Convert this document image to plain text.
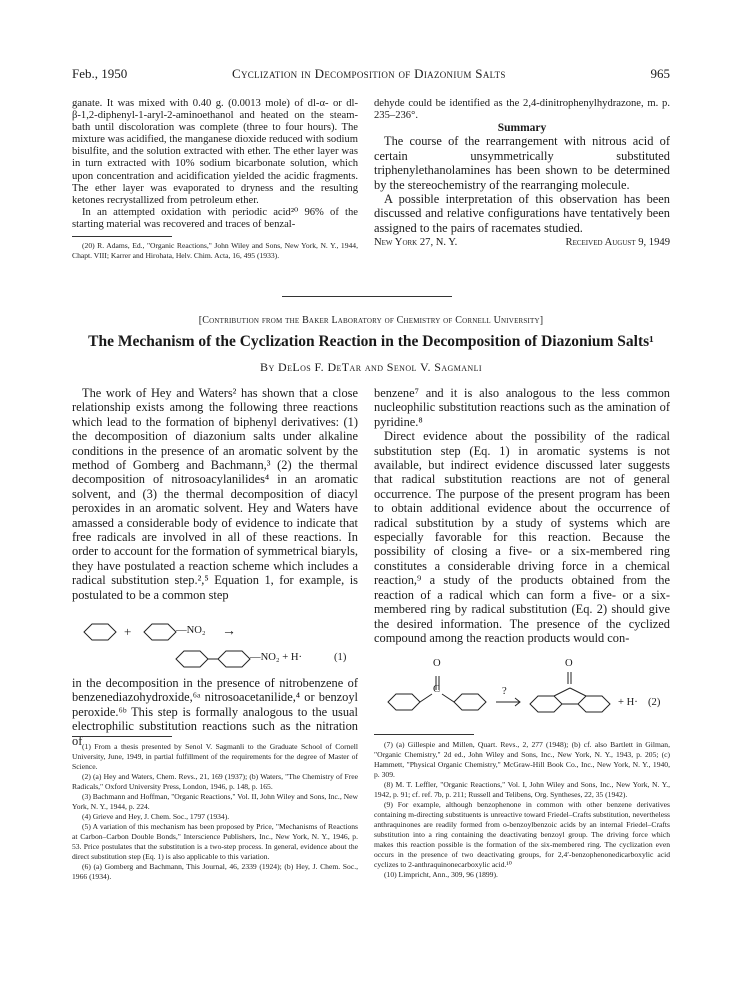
Feb., 1950	Cyclization in Decomposition of Diazonium Salts	965

ganate. It was mixed with 0.40 g. (0.0013 mole) of dl-α- or dl-β-1,2-diphenyl-1-aryl-2-aminoethanol and heated on the steam-bath until discoloration was complete (three to four hours). The mixture was acidified, the manganese dioxide reduced with sodium bisulfite, and the solution extracted with ether. The ether layer was in turn extracted with 10% sodium bicarbonate solution, which upon concentration and acidification yielded the acidic fragments. The ether layer was evaporated to dryness and the resulting ketones recrystallized from petroleum ether.

In an attempted oxidation with periodic acid²⁰ 96% of the starting material was recovered and traces of benzal-

(20) R. Adams, Ed., "Organic Reactions," John Wiley and Sons, New York, N. Y., 1944, Chapt. VIII; Karrer and Hirohata, Helv. Chim. Acta, 16, 495 (1933).

dehyde could be identified as the 2,4-dinitrophenylhydrazone, m. p. 235–236°.

Summary

The course of the rearrangement with nitrous acid of certain unsymmetrically substituted triphenylethanolamines has been shown to be determined by the stereochemistry of the rearranging molecule.

A possible interpretation of this observation has been discussed and relative configurations have tentatively been assigned to the pairs of racemates studied.

New York 27, N. Y.	Received August 9, 1949
[Contribution from the Baker Laboratory of Chemistry of Cornell University]
The Mechanism of the Cyclization Reaction in the Decomposition of Diazonium Salts¹
By DeLos F. DeTar and Senol V. Sagmanli

The work of Hey and Waters² has shown that a close relationship exists among the following three reactions which lead to the formation of biphenyl derivatives: (1) the decomposition of diazonium salts under alkaline conditions in the presence of an aromatic solvent by the method of Gomberg and Bachmann,³ (2) the thermal decomposition of nitrosoacylanilides⁴ in an aromatic solvent, and (3) the thermal decomposition of diacyl peroxides in an aromatic solvent. Hey and Waters have amassed a considerable body of evidence to indicate that free radicals are involved in all of these reactions. In order to account for the formation of symmetrical biaryls, they have postulated a reaction scheme which includes a radical substitution step.²,⁵ Equation 1, for example, is postulated to be a common step

+	—NO₂ →
—NO₂ + H·	(1)

in the decomposition in the presence of nitrobenzene of benzenediazohydroxide,⁶ᵃ nitrosoacetanilide,⁴ or benzoyl peroxide.⁶ᵇ This step is formally analogous to the usual electrophilic substitution reactions such as the nitration of (1) From a thesis presented by Senol V. Sagmanli to the Graduate School of Cornell University, June, 1949, in partial fulfillment of the requirements for the degree of Master of Science.

(2) (a) Hey and Waters, Chem. Revs., 21, 169 (1937); (b) Waters, "The Chemistry of Free Radicals," Oxford University Press, London, 1946, p. 148, p. 165.

(3) Bachmann and Hoffman, "Organic Reactions," Vol. II, John Wiley and Sons, Inc., New York, N. Y., 1944, p. 224.

(4) Grieve and Hey, J. Chem. Soc., 1797 (1934).

(5) A variation of this mechanism has been proposed by Price, "Mechanisms of Reactions at Carbon–Carbon Double Bonds," Interscience Publishers, Inc., New York, N. Y., 1946, p. 53. Price postulates that the substitution is a two-step process. In general, evidence about the direct substitution step (Eq. 1) is also applicable to this variation.

(6) (a) Gomberg and Bachmann, This Journal, 46, 2339 (1924); (b) Hey, J. Chem. Soc., 1966 (1934).

benzene⁷ and it is also analogous to the less common nucleophilic substitution reactions such as the amination of pyridine.⁸

Direct evidence about the possibility of the radical substitution step (Eq. 1) in aromatic systems is not available, but indirect evidence discussed later suggests that radical substitution reactions are not of general occurrence. The purpose of the present program has been to obtain additional evidence about the occurrence of radical substitution by a study of systems which are especially favorable for this reaction. Because the possibility of closing a five- or a six-membered ring constitutes a considerable driving force in a chemical reaction,⁹ a study of the products obtained from the reaction of a radical which can form a five- or a six-membered ring by radical substitution (Eq. 2) should give the desired information. The presence of the cyclized compound among the reaction products would con-

O
C	?
O
+ H· (2)

(7) (a) Gillespie and Millen, Quart. Revs., 2, 277 (1948); (b) cf. also Bartlett in Gilman, "Organic Chemistry," 2d ed., John Wiley and Sons, Inc., New York, N. Y., 1943, p. 205; (c) Hammett, "Physical Organic Chemistry," McGraw-Hill Book Co., Inc., New York, N. Y., 1940, p. 309.

(8) M. T. Leffler, "Organic Reactions," Vol. I, John Wiley and Sons, Inc., New York, N. Y., 1942, p. 91; cf. ref. 7b, p. 211; Russell and Telibens, Org. Syntheses, 22, 35 (1942).

(9) For example, although benzophenone in common with other benzene derivatives containing m-directing substituents is unreactive toward Friedel–Crafts substitution, nevertheless anthraquinones are readily formed from o-benzoylbenzoic acids by an internal Friedel–Crafts substitution into a ring containing the deactivating benzoyl group. The driving force which makes this reaction possible is the formation of the six-membered ring. The cyclization even occurs in the presence of two deactivating groups, for 2,4′-benzophenonedicarboxylic acid cyclizes to 2-anthraquinonecarboxylic acid.¹⁰

(10) Limpricht, Ann., 309, 96 (1899).
